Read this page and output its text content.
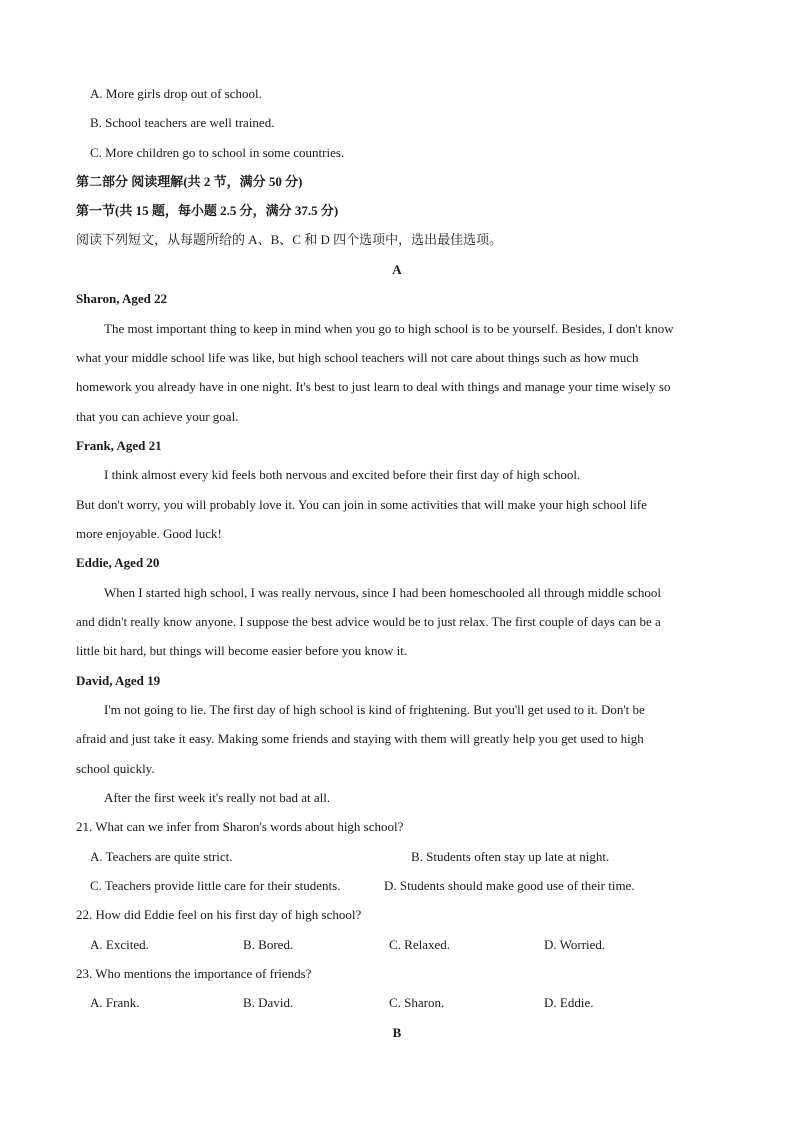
A. More girls drop out of school.
B. School teachers are well trained.
C. More children go to school in some countries.
第二部分 阅读理解(共 2 节，满分 50 分)
第一节(共 15 题，每小题 2.5 分，满分 37.5 分)
阅读下列短文，从每题所给的 A、B、C 和 D 四个选项中，选出最佳选项。
A
Sharon, Aged 22
The most important thing to keep in mind when you go to high school is to be yourself. Besides, I don't know
what your middle school life was like, but high school teachers will not care about things such as how much
homework you already have in one night. It's best to just learn to deal with things and manage your time wisely so
that you can achieve your goal.
Frank, Aged 21
I think almost every kid feels both nervous and excited before their first day of high school.
But don't worry, you will probably love it. You can join in some activities that will make your high school life
more enjoyable. Good luck!
Eddie, Aged 20
When I started high school, I was really nervous, since I had been homeschooled all through middle school
and didn't really know anyone. I suppose the best advice would be to just relax. The first couple of days can be a
little bit hard, but things will become easier before you know it.
David, Aged 19
I'm not going to lie. The first day of high school is kind of frightening. But you'll get used to it. Don't be
afraid and just take it easy. Making some friends and staying with them will greatly help you get used to high
school quickly.
After the first week it's really not bad at all.
21. What can we infer from Sharon's words about high school?
A. Teachers are quite strict.	B. Students often stay up late at night.
C. Teachers provide little care for their students.	D. Students should make good use of their time.
22. How did Eddie feel on his first day of high school?
A. Excited.	B. Bored.	C. Relaxed.	D. Worried.
23. Who mentions the importance of friends?
A. Frank.	B. David.	C. Sharon.	D. Eddie.
B
